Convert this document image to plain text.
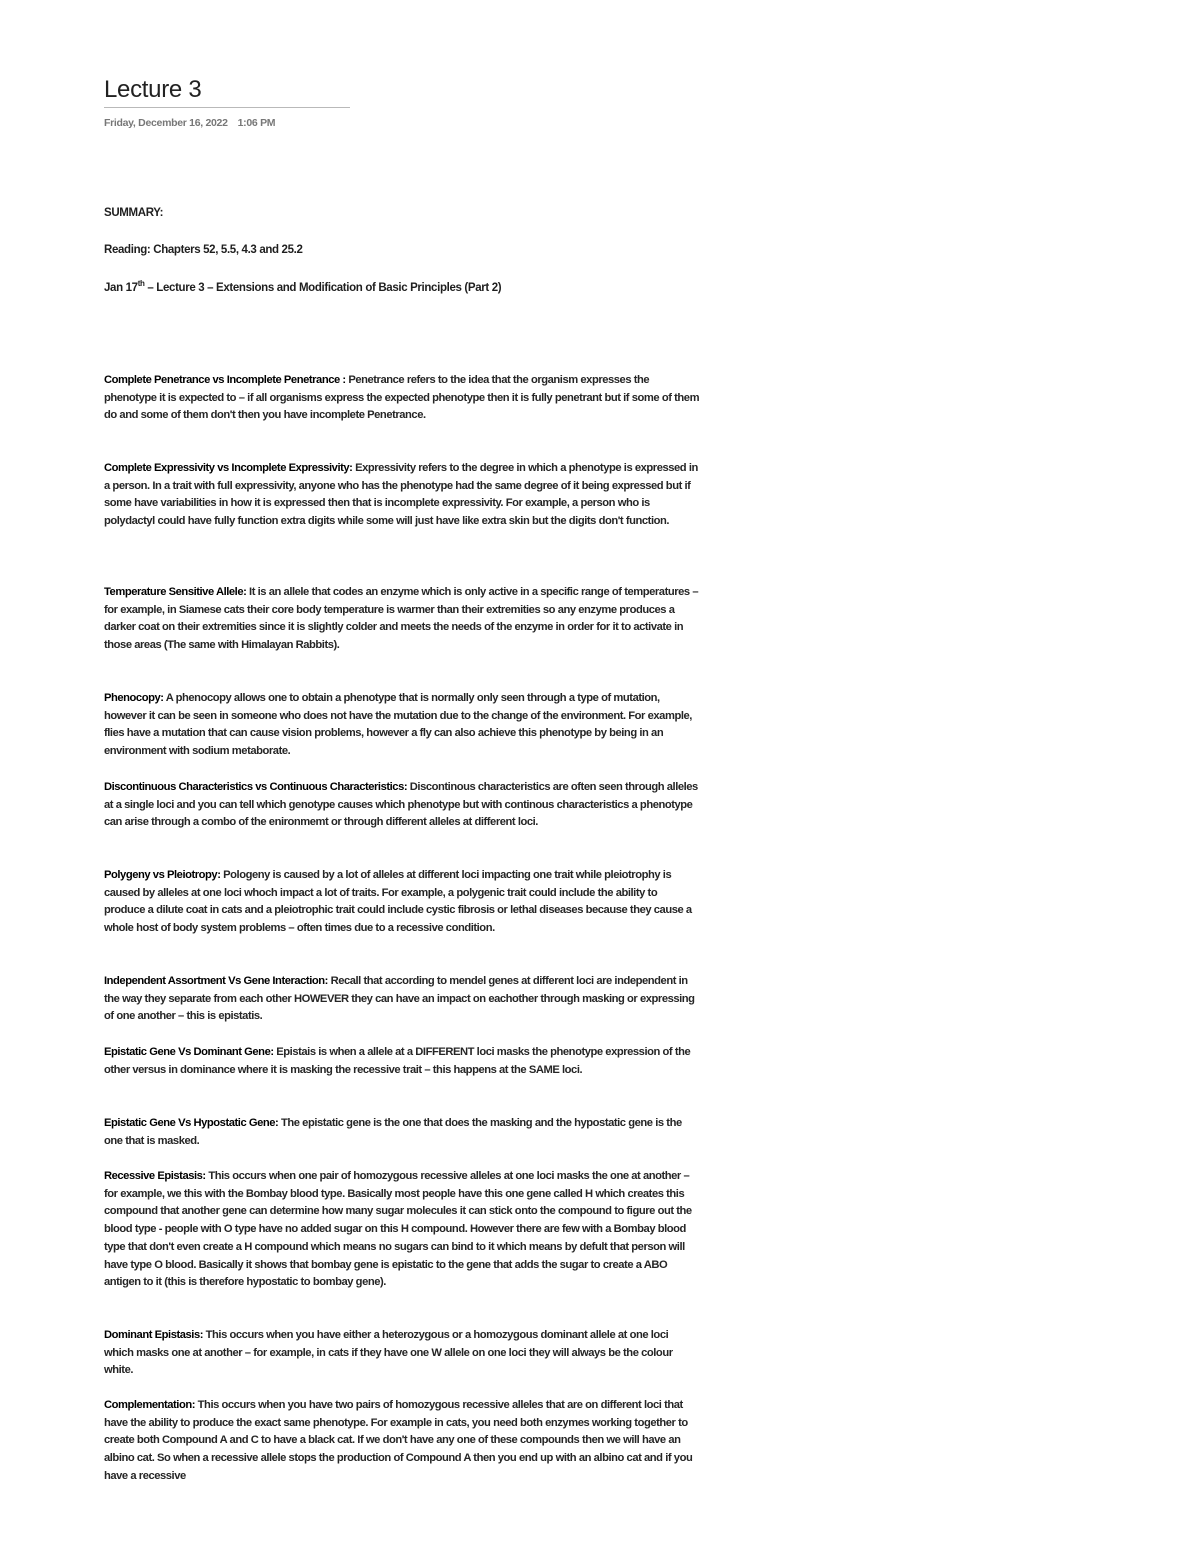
Lecture 3
Friday, December 16, 2022 1:06 PM
SUMMARY:
Reading: Chapters 52, 5.5, 4.3 and 25.2
Jan 17th – Lecture 3 – Extensions and Modification of Basic Principles (Part 2)

Complete Penetrance vs Incomplete Penetrance : Penetrance refers to the idea that the organism expresses the phenotype it is expected to – if all organisms express the expected phenotype then it is fully penetrant but if some of them do and some of them don't then you have incomplete Penetrance.

Complete Expressivity vs Incomplete Expressivity: Expressivity refers to the degree in which a phenotype is expressed in a person. In a trait with full expressivity, anyone who has the phenotype had the same degree of it being expressed but if some have variabilities in how it is expressed then that is incomplete expressivity. For example, a person who is polydactyl could have fully function extra digits while some will just have like extra skin but the digits don't function.

Temperature Sensitive Allele: It is an allele that codes an enzyme which is only active in a specific range of temperatures – for example, in Siamese cats their core body temperature is warmer than their extremities so any enzyme produces a darker coat on their extremities since it is slightly colder and meets the needs of the enzyme in order for it to activate in those areas (The same with Himalayan Rabbits).

Phenocopy: A phenocopy allows one to obtain a phenotype that is normally only seen through a type of mutation, however it can be seen in someone who does not have the mutation due to the change of the environment. For example, flies have a mutation that can cause vision problems, however a fly can also achieve this phenotype by being in an environment with sodium metaborate.

Discontinuous Characteristics vs Continuous Characteristics: Discontinous characteristics are often seen through alleles at a single loci and you can tell which genotype causes which phenotype but with continous characteristics a phenotype can arise through a combo of the enironmemt or through different alleles at different loci.

Polygeny vs Pleiotropy: Pologeny is caused by a lot of alleles at different loci impacting one trait while pleiotrophy is caused by alleles at one loci whoch impact a lot of traits. For example, a polygenic trait could include the ability to produce a dilute coat in cats and a pleiotrophic trait could include cystic fibrosis or lethal diseases because they cause a whole host of body system problems – often times due to a recessive condition.

Independent Assortment Vs Gene Interaction: Recall that according to mendel genes at different loci are independent in the way they separate from each other HOWEVER they can have an impact on eachother through masking or expressing of one another – this is epistatis.

Epistatic Gene Vs Dominant Gene: Epistais is when a allele at a DIFFERENT loci masks the phenotype expression of the other versus in dominance where it is masking the recessive trait – this happens at the SAME loci.

Epistatic Gene Vs Hypostatic Gene: The epistatic gene is the one that does the masking and the hypostatic gene is the one that is masked.

Recessive Epistasis: This occurs when one pair of homozygous recessive alleles at one loci masks the one at another – for example, we this with the Bombay blood type. Basically most people have this one gene called H which creates this compound that another gene can determine how many sugar molecules it can stick onto the compound to figure out the blood type - people with O type have no added sugar on this H compound. However there are few with a Bombay blood type that don't even create a H compound which means no sugars can bind to it which means by defult that person will have type O blood. Basically it shows that bombay gene is epistatic to the gene that adds the sugar to create a ABO antigen to it (this is therefore hypostatic to bombay gene).

Dominant Epistasis: This occurs when you have either a heterozygous or a homozygous dominant allele at one loci which masks one at another – for example, in cats if they have one W allele on one loci they will always be the colour white.

Complementation: This occurs when you have two pairs of homozygous recessive alleles that are on different loci that have the ability to produce the exact same phenotype. For example in cats, you need both enzymes working together to create both Compound A and C to have a black cat. If we don't have any one of these compounds then we will have an albino cat. So when a recessive allele stops the production of Compound A then you end up with an albino cat and if you have a recessive
